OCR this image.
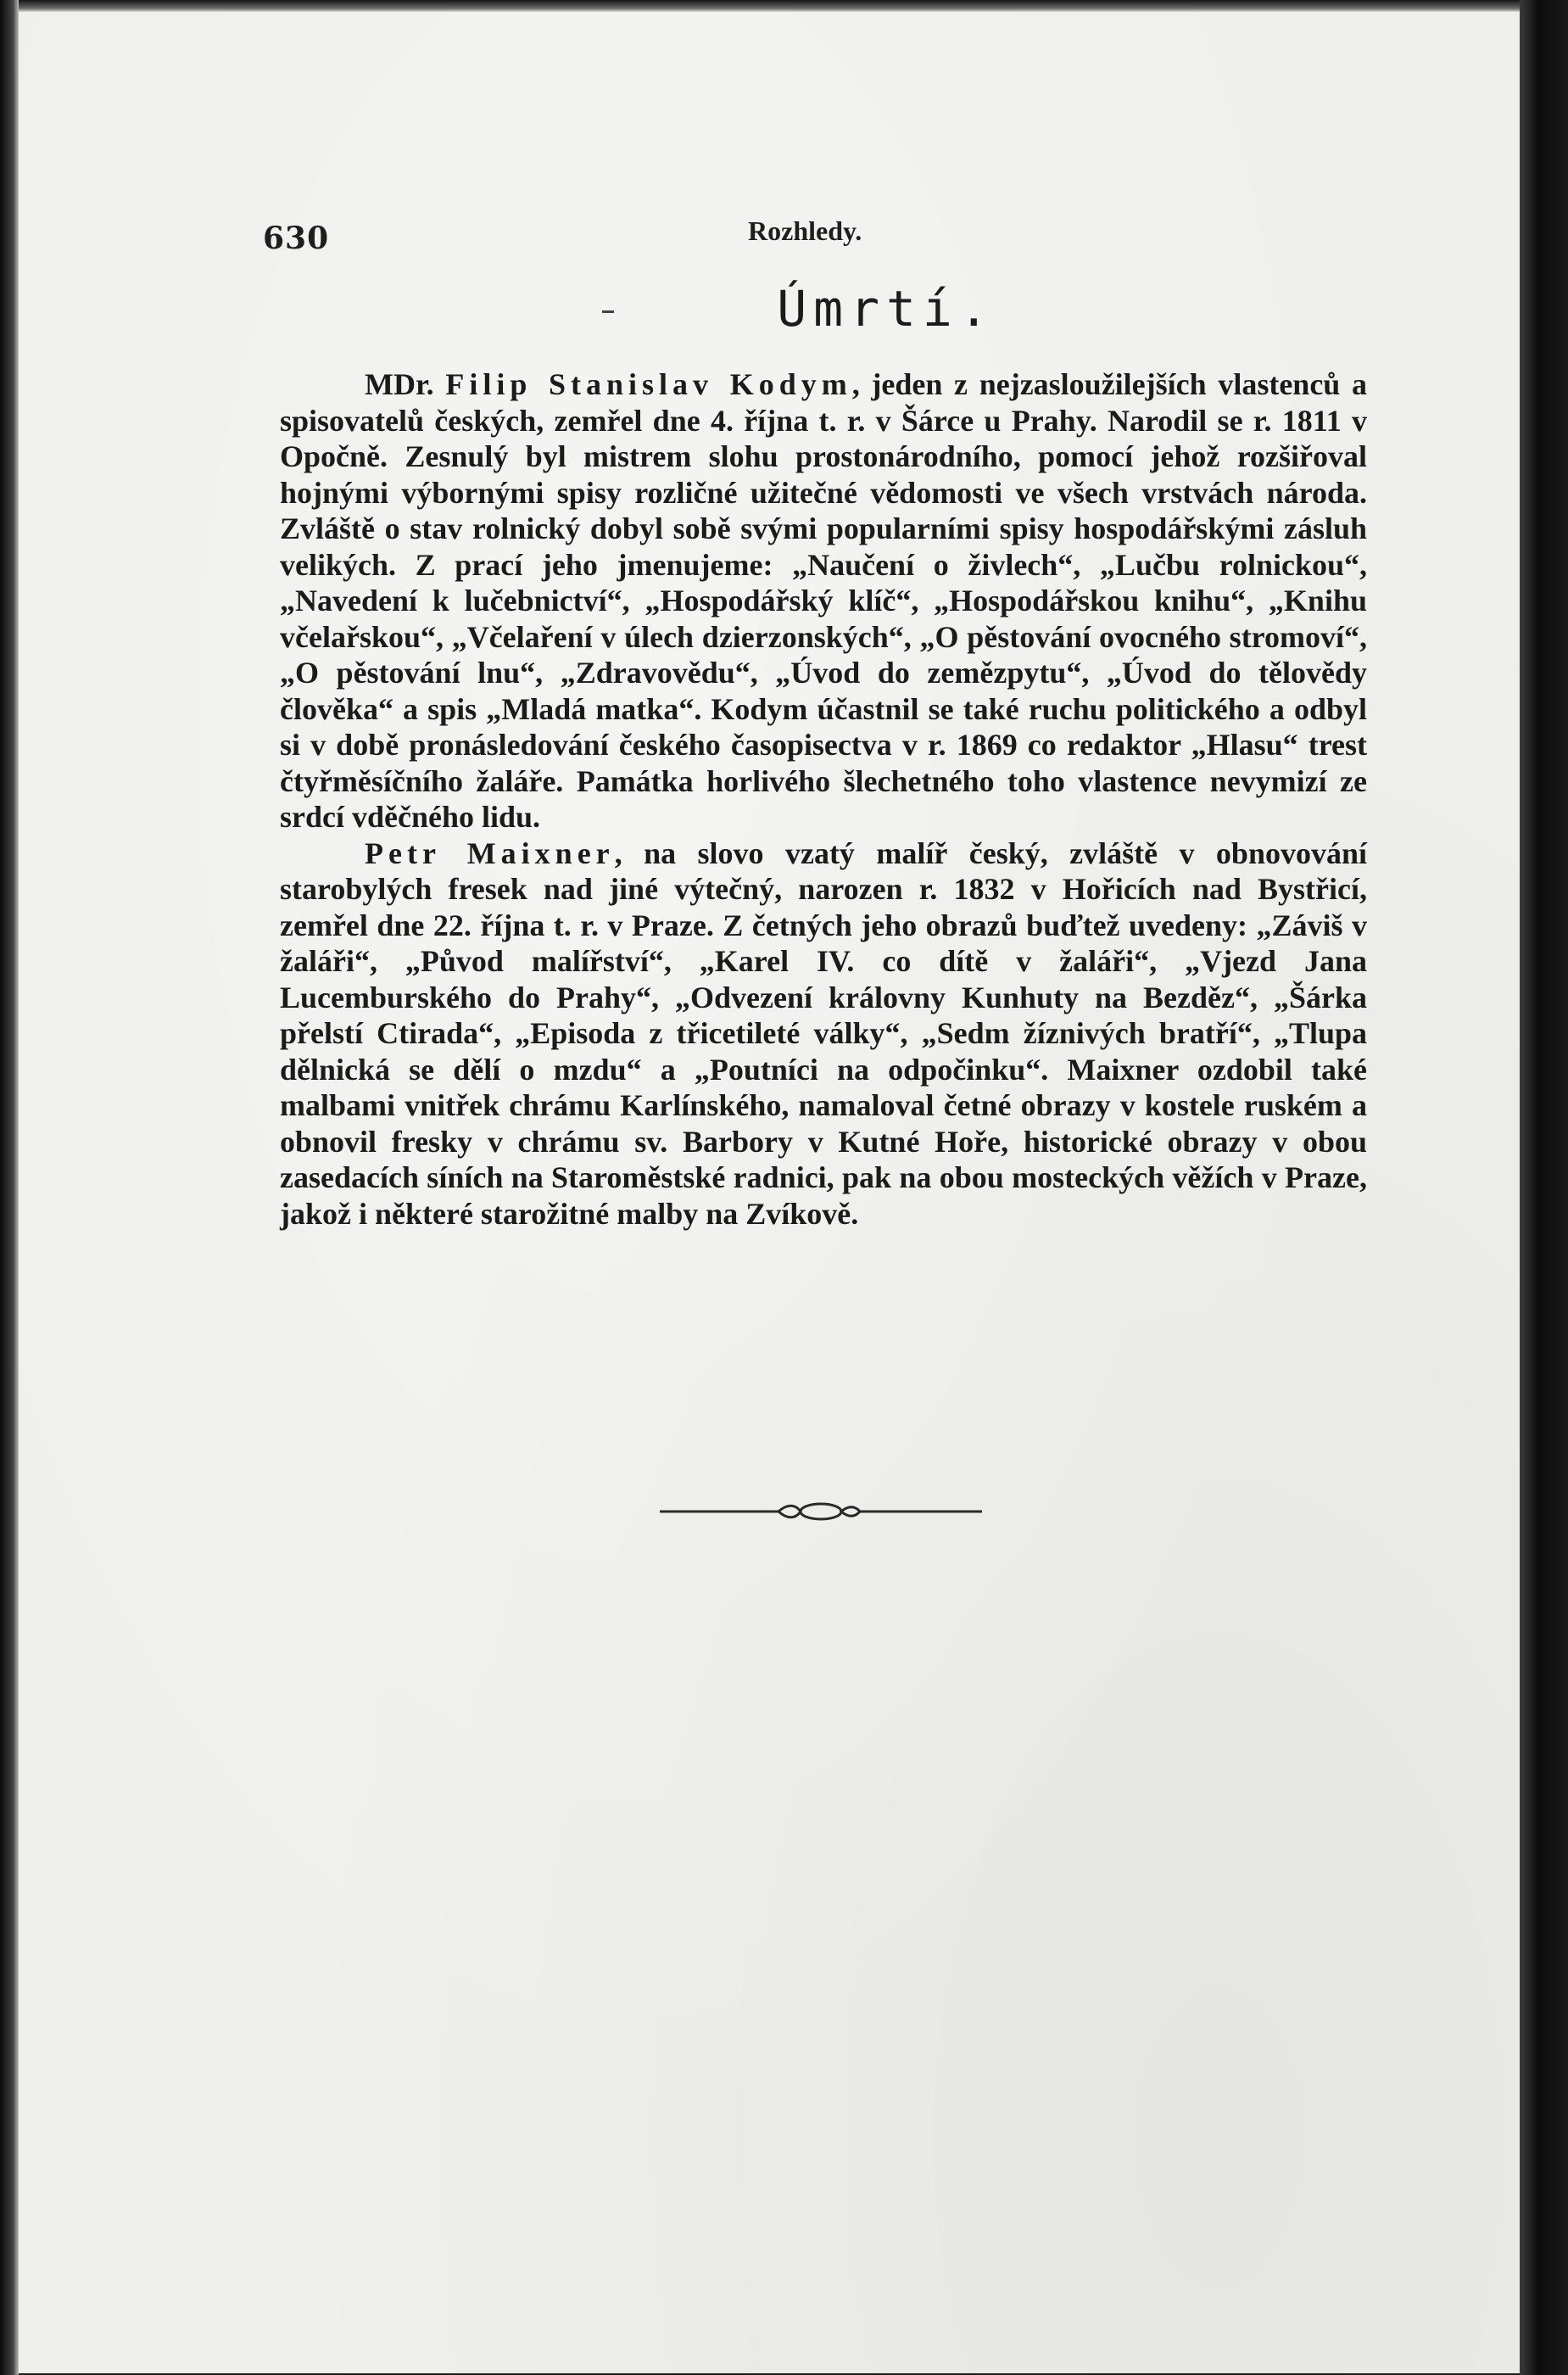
630	Rozhledy.
Úmrtí.

MDr. Filip Stanislav Kodym, jeden z nejzasloužilejších vlastenců a spisovatelů českých, zemřel dne 4. října t. r. v Šárce u Prahy. Narodil se r. 1811 v Opočně. Zesnulý byl mistrem slohu prostonárodního, pomocí jehož rozšiřoval hojnými výbornými spisy rozličné užitečné vědomosti ve všech vrstvách národa. Zvláště o stav rolnický dobyl sobě svými popularními spisy hospodářskými zásluh velikých. Z prací jeho jmenujeme: „Naučení o živlech“, „Lučbu rolnickou“, „Navedení k lučebnictví“, „Hospodářský klíč“, „Hospodářskou knihu“, „Knihu včelařskou“, „Včelaření v úlech dzierzonských“, „O pěstování ovocného stromoví“, „O pěstování lnu“, „Zdravovědu“, „Úvod do zemězpytu“, „Úvod do tělovědy člověka“ a spis „Mladá matka“. Kodym účastnil se také ruchu politického a odbyl si v době pronásledování českého časopisectva v r. 1869 co redaktor „Hlasu“ trest čtyřměsíčního žaláře. Památka horlivého šlechetného toho vlastence nevymizí ze srdcí vděčného lidu.

Petr Maixner, na slovo vzatý malíř český, zvláště v obnovování starobylých fresek nad jiné výtečný, narozen r. 1832 v Hořicích nad Bystřicí, zemřel dne 22. října t. r. v Praze. Z četných jeho obrazů buďtež uvedeny: „Záviš v žaláři“, „Původ malířství“, „Karel IV. co dítě v žaláři“, „Vjezd Jana Lucemburského do Prahy“, „Odvezení královny Kunhuty na Bezděz“, „Šárka přelstí Ctirada“, „Episoda z třicetileté války“, „Sedm žíznivých bratří“, „Tlupa dělnická se dělí o mzdu“ a „Poutníci na odpočinku“. Maixner ozdobil také malbami vnitřek chrámu Karlínského, namaloval četné obrazy v kostele ruském a obnovil fresky v chrámu sv. Barbory v Kutné Hoře, historické obrazy v obou zasedacích síních na Staroměstské radnici, pak na obou mosteckých věžích v Praze, jakož i některé starožitné malby na Zvíkově.
